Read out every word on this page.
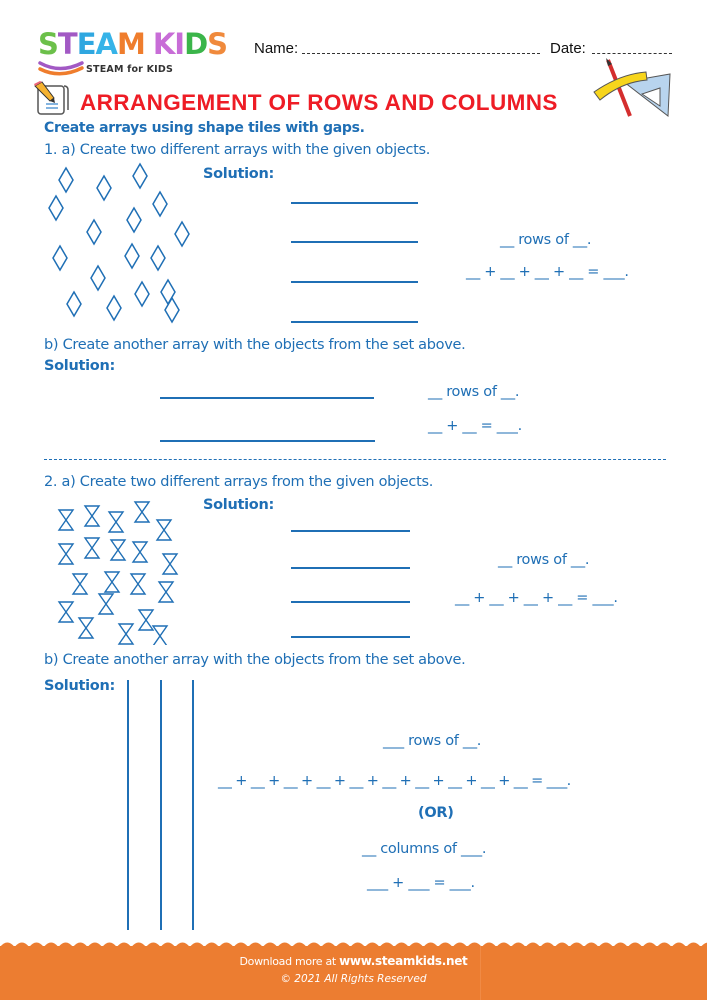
STEAM KIDS
STEAM for KIDS
Name:	Date:
ARRANGEMENT OF ROWS AND COLUMNS
Create arrays using shape tiles with gaps.
1. a) Create two different arrays with the given objects.
Solution:
__ rows of __.
__ + __ + __ + __ = ___.
b) Create another array with the objects from the set above.
Solution:
__ rows of __.
__ + __ = ___.
2. a) Create two different arrays from the given objects.
Solution:
__ rows of __.
__ + __ + __ + __ = ___.
b) Create another array with the objects from the set above.
Solution:
___ rows of __.
__ + __ + __ + __ + __ + __ + __ + __ + __ + __ = ___.
(OR)
__ columns of ___.
___ + ___ = ___.
Download more at www.steamkids.net
© 2021 All Rights Reserved
